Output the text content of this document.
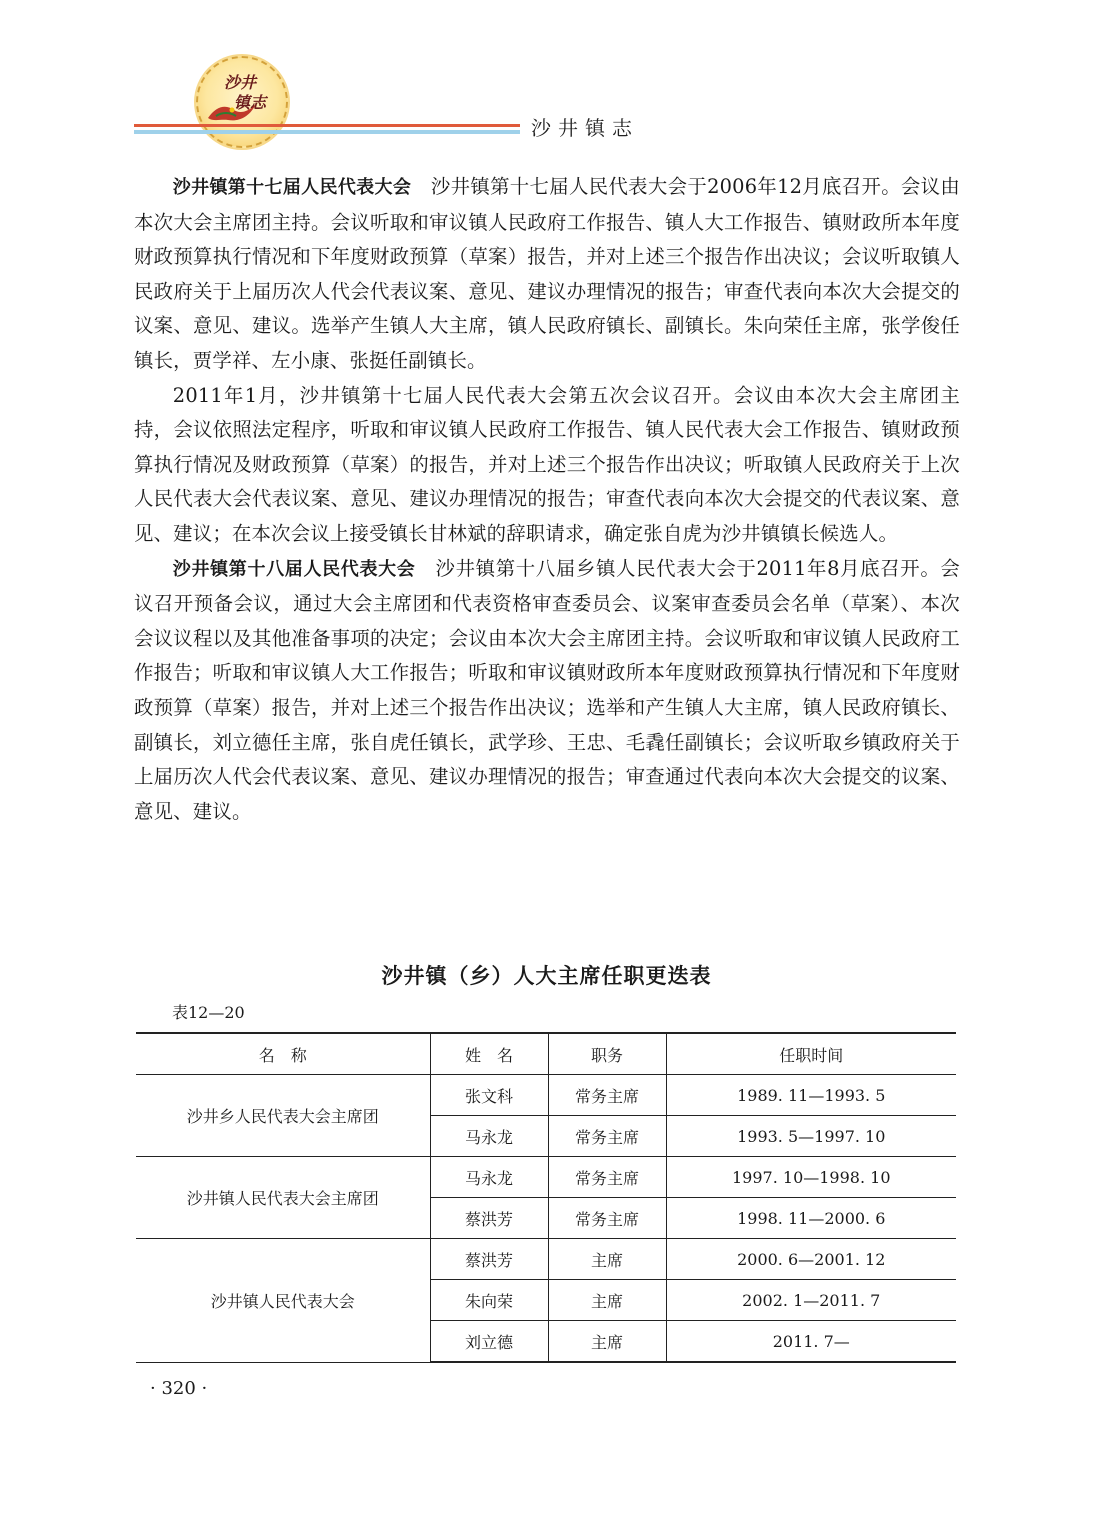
沙井
镇志
沙井镇志

沙井镇第十七届人民代表大会　沙井镇第十七届人民代表大会于2006年12月底召开。会议由本次大会主席团主持。会议听取和审议镇人民政府工作报告、镇人大工作报告、镇财政所本年度财政预算执行情况和下年度财政预算（草案）报告，并对上述三个报告作出决议；会议听取镇人民政府关于上届历次人代会代表议案、意见、建议办理情况的报告；审查代表向本次大会提交的议案、意见、建议。选举产生镇人大主席，镇人民政府镇长、副镇长。朱向荣任主席，张学俊任镇长，贾学祥、左小康、张挺任副镇长。

2011年1月，沙井镇第十七届人民代表大会第五次会议召开。会议由本次大会主席团主持，会议依照法定程序，听取和审议镇人民政府工作报告、镇人民代表大会工作报告、镇财政预算执行情况及财政预算（草案）的报告，并对上述三个报告作出决议；听取镇人民政府关于上次人民代表大会代表议案、意见、建议办理情况的报告；审查代表向本次大会提交的代表议案、意见、建议；在本次会议上接受镇长甘林斌的辞职请求，确定张自虎为沙井镇镇长候选人。

沙井镇第十八届人民代表大会　沙井镇第十八届乡镇人民代表大会于2011年8月底召开。会议召开预备会议，通过大会主席团和代表资格审查委员会、议案审查委员会名单（草案）、本次会议议程以及其他准备事项的决定；会议由本次大会主席团主持。会议听取和审议镇人民政府工作报告；听取和审议镇人大工作报告；听取和审议镇财政所本年度财政预算执行情况和下年度财政预算（草案）报告，并对上述三个报告作出决议；选举和产生镇人大主席，镇人民政府镇长、副镇长，刘立德任主席，张自虎任镇长，武学珍、王忠、毛毳任副镇长；会议听取乡镇政府关于上届历次人代会代表议案、意见、建议办理情况的报告；审查通过代表向本次大会提交的议案、意见、建议。

沙井镇（乡）人大主席任职更迭表
表12—20
名　称	姓　名	职务	任职时间
沙井乡人民代表大会主席团	张文科	常务主席	1989. 11—1993. 5
	马永龙	常务主席	1993. 5—1997. 10
沙井镇人民代表大会主席团	马永龙	常务主席	1997. 10—1998. 10
	蔡洪芳	常务主席	1998. 11—2000. 6
沙井镇人民代表大会	蔡洪芳	主席	2000. 6—2001. 12
	朱向荣	主席	2002. 1—2011. 7
	刘立德	主席	2011. 7—
· 320 ·
